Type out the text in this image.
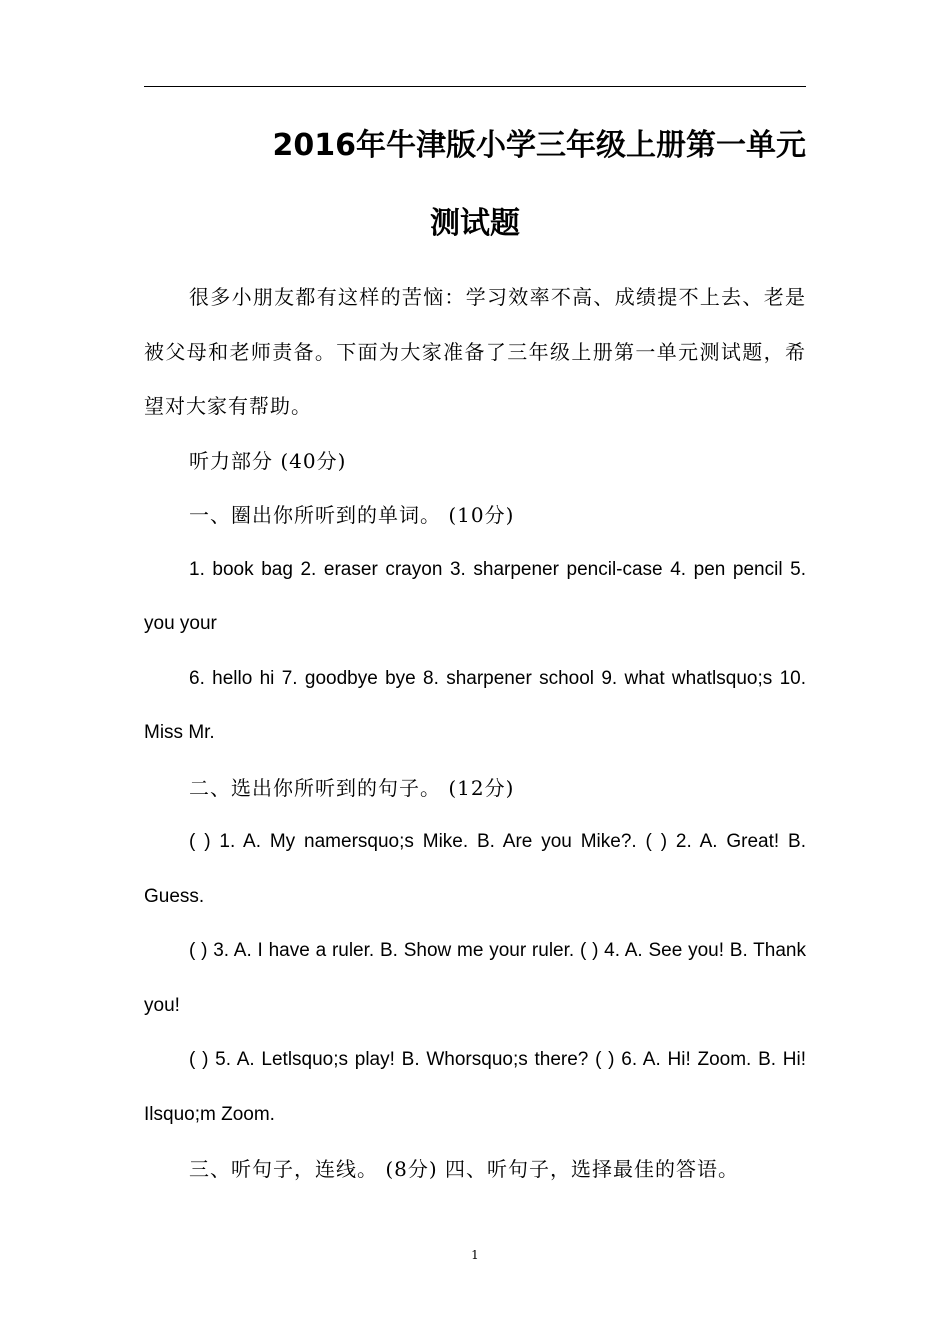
2016年牛津版小学三年级上册第一单元
测试题

很多小朋友都有这样的苦恼：学习效率不高、成绩提不上去、老是被父母和老师责备。下面为大家准备了三年级上册第一单元测试题，希望对大家有帮助。

听力部分 (40分)

一、圈出你所听到的单词。 (10分)

1. book bag 2. eraser crayon 3. sharpener pencil-case 4. pen pencil 5. you your

6. hello hi 7. goodbye bye 8. sharpener school 9. what whatlsquo;s 10. Miss Mr.

二、选出你所听到的句子。 (12分)

( ) 1. A. My namersquo;s Mike. B. Are you Mike?. ( ) 2. A. Great! B. Guess.

( ) 3. A. I have a ruler. B. Show me your ruler. ( ) 4. A. See you! B. Thank you!

( ) 5. A. Letlsquo;s play! B. Whorsquo;s there? ( ) 6. A. Hi! Zoom. B. Hi! Ilsquo;m Zoom.

三、听句子，连线。 (8分) 四、听句子，选择最佳的答语。

1
